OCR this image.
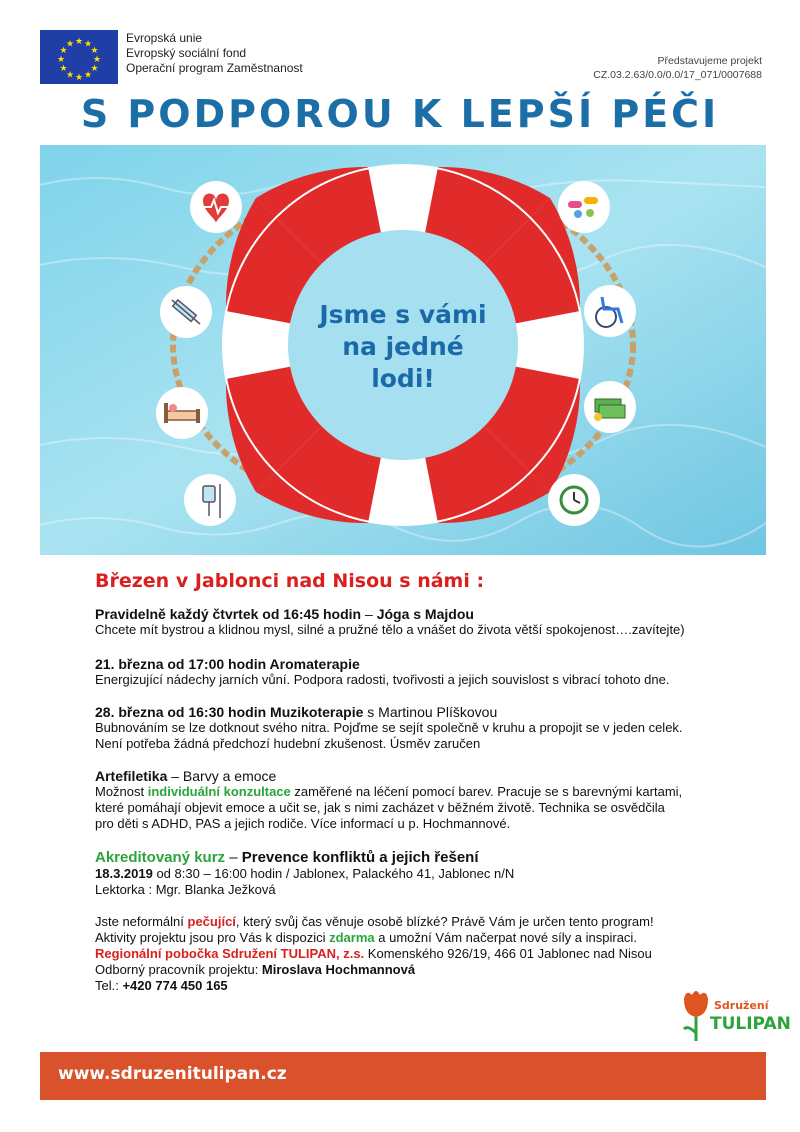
★ ★
★
★
★
★
★
★
★
★
★
★	Evropská unie
Evropský sociální fond
Operační program Zaměstnanost	Představujeme projekt
CZ.03.2.63/0.0/0.0/17_071/0007688
S PODPOROU K LEPŠÍ PÉČI
Jsme s vámi
na jedné
lodi!
Březen v Jablonci nad Nisou s námi :
Pravidelně každý čtvrtek od 16:45 hodin – Jóga s Majdou
Chcete mít bystrou a klidnou mysl, silné a pružné tělo a vnášet do života větší spokojenost….zavítejte)
21. března od 17:00 hodin Aromaterapie
Energizující nádechy jarních vůní. Podpora radosti, tvořivosti a jejich souvislost s vibrací tohoto dne.
28. března od 16:30 hodin Muzikoterapie s Martinou Plíškovou
Bubnováním se lze dotknout svého nitra. Pojďme se sejít společně v kruhu a propojit se v jeden celek.
Není potřeba žádná předchozí hudební zkušenost. Úsměv zaručen
Artefiletika – Barvy a emoce
Možnost individuální konzultace zaměřené na léčení pomocí barev. Pracuje se s barevnými kartami,
které pomáhají objevit emoce a učit se, jak s nimi zacházet v běžném životě. Technika se osvědčila
pro děti s ADHD, PAS a jejich rodiče. Více informací u p. Hochmannové.
Akreditovaný kurz – Prevence konfliktů a jejich řešení
18.3.2019 od 8:30 – 16:00 hodin / Jablonex, Palackého 41, Jablonec n/N
Lektorka : Mgr. Blanka Ježková
Jste neformální pečující, který svůj čas věnuje osobě blízké? Právě Vám je určen tento program!
Aktivity projektu jsou pro Vás k dispozici zdarma a umožní Vám načerpat nové síly a inspiraci.
Regionální pobočka Sdružení TULIPAN, z.s. Komenského 926/19, 466 01 Jablonec nad Nisou
Odborný pracovník projektu: Miroslava Hochmannová
Tel.: +420 774 450 165
Sdružení
TULIPAN
www.sdruzenitulipan.cz
